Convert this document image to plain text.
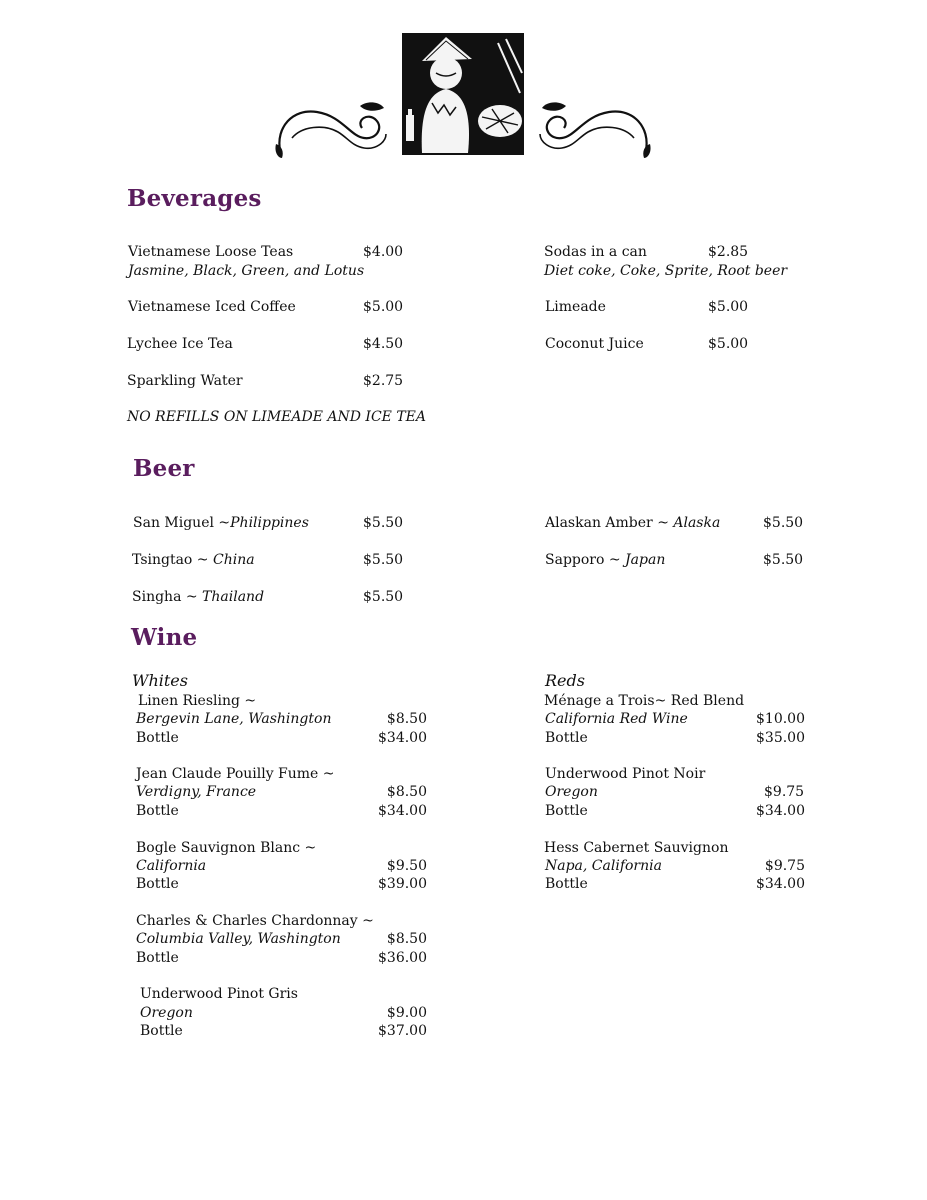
Beverages
Vietnamese Loose Teas	$4.00
Jasmine, Black, Green, and Lotus
Vietnamese Iced Coffee	$5.00
Lychee Ice Tea	$4.50
Sparkling Water	$2.75
Sodas in a can	$2.85
Diet coke, Coke, Sprite, Root beer
Limeade	$5.00
Coconut Juice	$5.00
NO REFILLS ON LIMEADE AND ICE TEA
Beer
San Miguel ~Philippines	$5.50
Tsingtao ~ China	$5.50
Singha ~ Thailand	$5.50
Alaskan Amber ~ Alaska	$5.50
Sapporo ~ Japan	$5.50
Wine
Whites	Reds
Linen Riesling ~
Bergevin Lane, Washington	$8.50
Bottle	$34.00
Jean Claude Pouilly Fume ~
Verdigny, France	$8.50
Bottle	$34.00
Bogle Sauvignon Blanc ~
California	$9.50
Bottle	$39.00
Charles & Charles Chardonnay ~
Columbia Valley, Washington	$8.50
Bottle	$36.00
Underwood Pinot Gris
Oregon	$9.00
Bottle	$37.00
Ménage a Trois~ Red Blend
California Red Wine	$10.00
Bottle	$35.00
Underwood Pinot Noir
Oregon	$9.75
Bottle	$34.00
Hess Cabernet Sauvignon
Napa, California	$9.75
Bottle	$34.00
